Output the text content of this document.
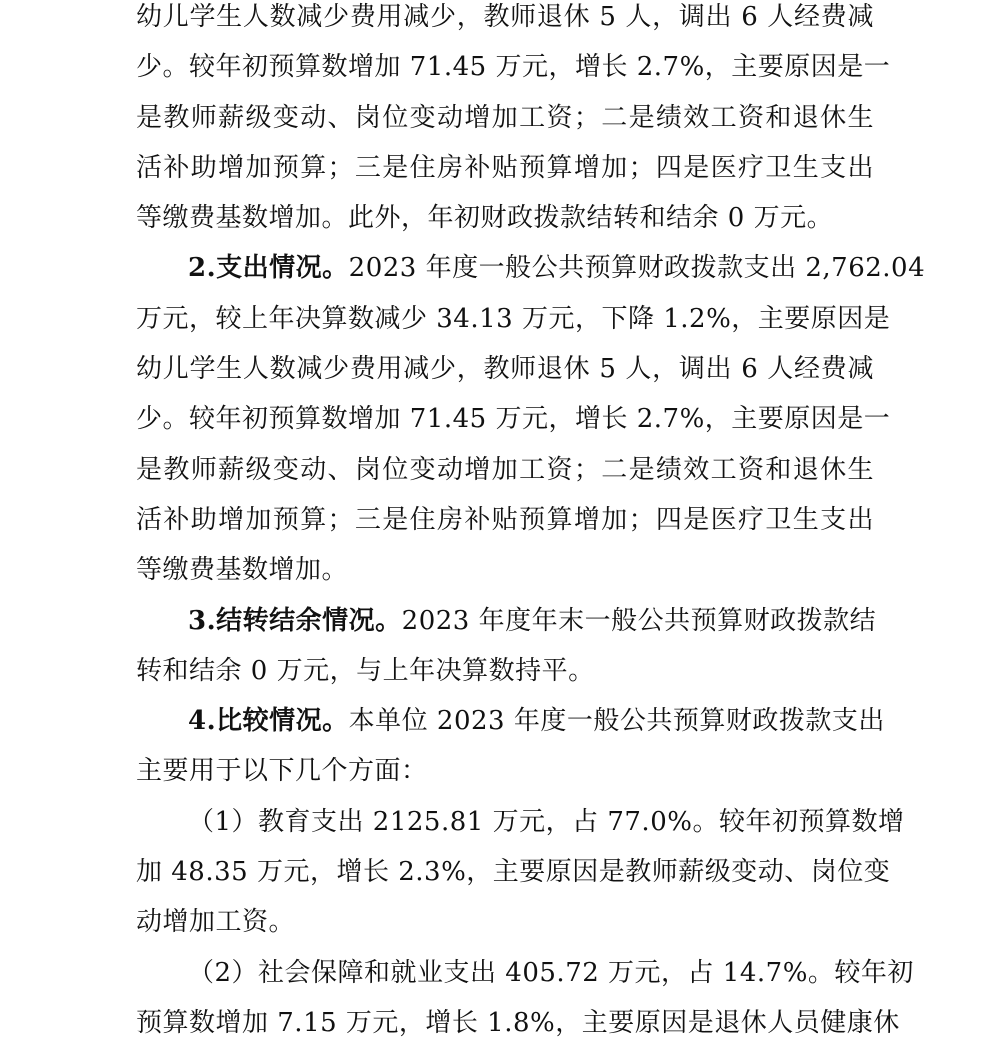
幼儿学生人数减少费用减少，教师退休 5 人，调出 6 人经费减
少。较年初预算数增加 71.45 万元，增长 2.7%，主要原因是一
是教师薪级变动、岗位变动增加工资；二是绩效工资和退休生
活补助增加预算；三是住房补贴预算增加；四是医疗卫生支出
等缴费基数增加。此外，年初财政拨款结转和结余 0 万元。
2.支出情况。2023 年度一般公共预算财政拨款支出 2,762.04
万元，较上年决算数减少 34.13 万元，下降 1.2%，主要原因是
幼儿学生人数减少费用减少，教师退休 5 人，调出 6 人经费减
少。较年初预算数增加 71.45 万元，增长 2.7%，主要原因是一
是教师薪级变动、岗位变动增加工资；二是绩效工资和退休生
活补助增加预算；三是住房补贴预算增加；四是医疗卫生支出
等缴费基数增加。
3.结转结余情况。2023 年度年末一般公共预算财政拨款结
转和结余 0 万元，与上年决算数持平。
4.比较情况。本单位 2023 年度一般公共预算财政拨款支出
主要用于以下几个方面：
（1）教育支出 2125.81 万元，占 77.0%。较年初预算数增
加 48.35 万元，增长 2.3%，主要原因是教师薪级变动、岗位变
动增加工资。
（2）社会保障和就业支出 405.72 万元，占 14.7%。较年初
预算数增加 7.15 万元，增长 1.8%，主要原因是退休人员健康休
